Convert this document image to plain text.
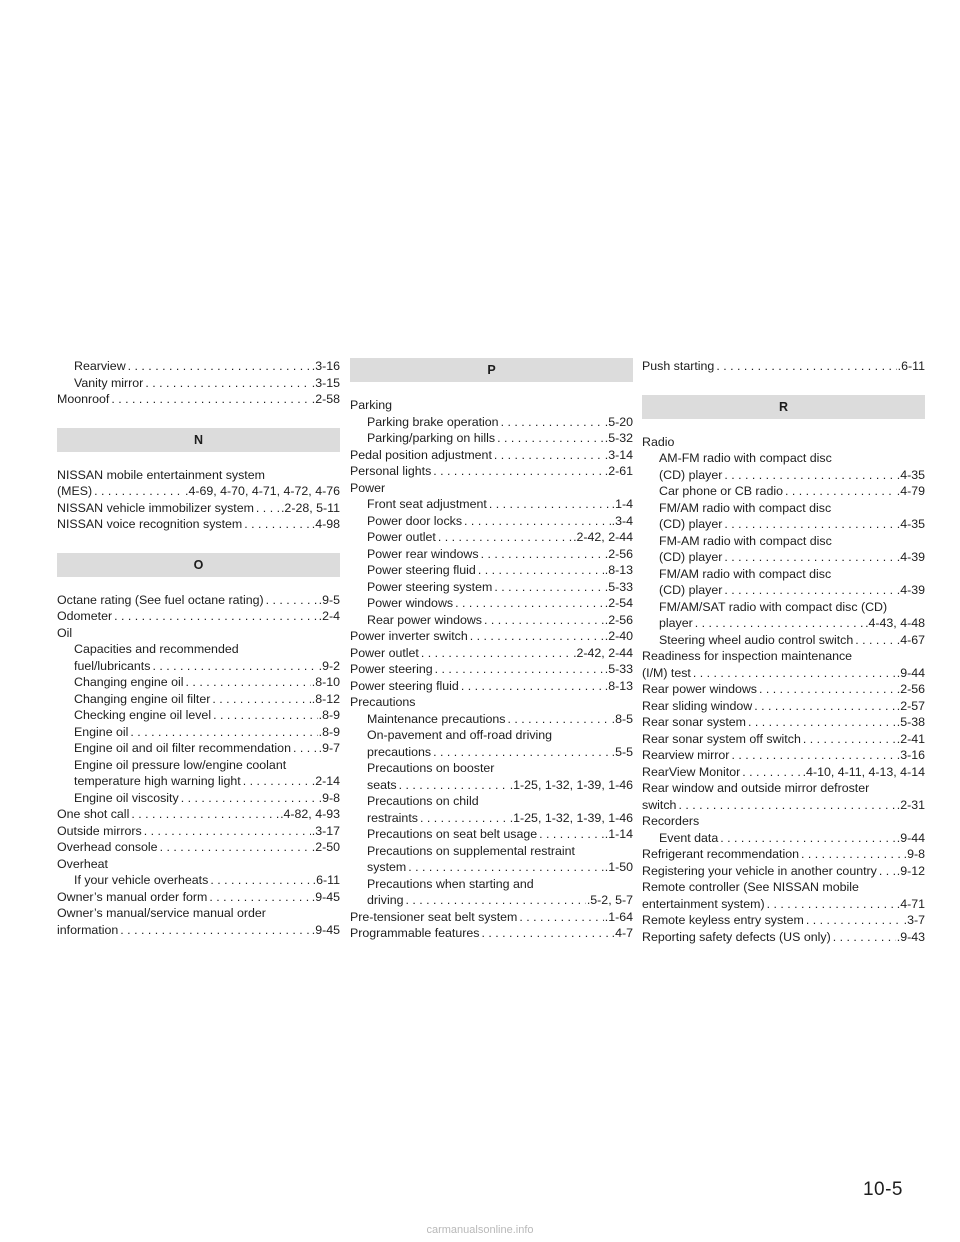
Rearview . . .	.3-16
Vanity mirror . . .	.3-15
Moonroof . . .	.2-58
N
NISSAN mobile entertainment system
(MES) . . .	.4-69, 4-70, 4-71, 4-72, 4-76
NISSAN vehicle immobilizer system . . . .2-28, 5-11
NISSAN voice recognition system . . .	.4-98
O
Octane rating (See fuel octane rating) . . .	.9-5
Odometer . . .	.2-4
Oil
Capacities and recommended
fuel/lubricants . . .	.9-2
Changing engine oil . . .	.8-10
Changing engine oil filter . . .	.8-12
Checking engine oil level . . .	.8-9
Engine oil . . .	.8-9
Engine oil and oil filter recommendation . . . .9-7
Engine oil pressure low/engine coolant
temperature high warning light . . .	.2-14
Engine oil viscosity . . .	.9-8
One shot call . . .	.4-82, 4-93
Outside mirrors . . .	.3-17
Overhead console . . .	.2-50
Overheat
If your vehicle overheats . . .	.6-11
Owner’s manual order form . . .	.9-45
Owner’s manual/service manual order
information . . .	.9-45
P
Parking
Parking brake operation . . .	.5-20
Parking/parking on hills . . .	.5-32
Pedal position adjustment . . .	.3-14
Personal lights . . .	.2-61
Power
Front seat adjustment . . .	.1-4
Power door locks . . .	.3-4
Power outlet . . .	.2-42, 2-44
Power rear windows . . .	.2-56
Power steering fluid . . .	.8-13
Power steering system . . .	.5-33
Power windows . . .	.2-54
Rear power windows . . .	.2-56
Power inverter switch . . .	.2-40
Power outlet . . .	.2-42, 2-44
Power steering . . .	.5-33
Power steering fluid . . .	.8-13
Precautions
Maintenance precautions . . .	.8-5
On-pavement and off-road driving
precautions . . .	.5-5
Precautions on booster
seats . . .	.1-25, 1-32, 1-39, 1-46
Precautions on child
restraints . . .	.1-25, 1-32, 1-39, 1-46
Precautions on seat belt usage . . .	.1-14
Precautions on supplemental restraint
system . . .	.1-50
Precautions when starting and
driving . . .	.5-2, 5-7
Pre-tensioner seat belt system . . .	.1-64
Programmable features . . .	.4-7
Push starting . . .	.6-11
R
Radio
AM-FM radio with compact disc
(CD) player . . .	.4-35
Car phone or CB radio . . .	.4-79
FM/AM radio with compact disc
(CD) player . . .	.4-35
FM-AM radio with compact disc
(CD) player . . .	.4-39
FM/AM radio with compact disc
(CD) player . . .	.4-39
FM/AM/SAT radio with compact disc (CD)
player . . .	.4-43, 4-48
Steering wheel audio control switch . . .	.4-67
Readiness for inspection maintenance
(I/M) test . . .	.9-44
Rear power windows . . .	.2-56
Rear sliding window . . .	.2-57
Rear sonar system . . .	.5-38
Rear sonar system off switch . . .	.2-41
Rearview mirror . . .	.3-16
RearView Monitor . . .	.4-10, 4-11, 4-13, 4-14
Rear window and outside mirror defroster
switch . . .	.2-31
Recorders
Event data . . .	.9-44
Refrigerant recommendation . . .	.9-8
Registering your vehicle in another country . . . .9-12
Remote controller (See NISSAN mobile
entertainment system) . . .	.4-71
Remote keyless entry system . . .	.3-7
Reporting safety defects (US only) . . .	.9-43
10-5
carmanualsonline.info
